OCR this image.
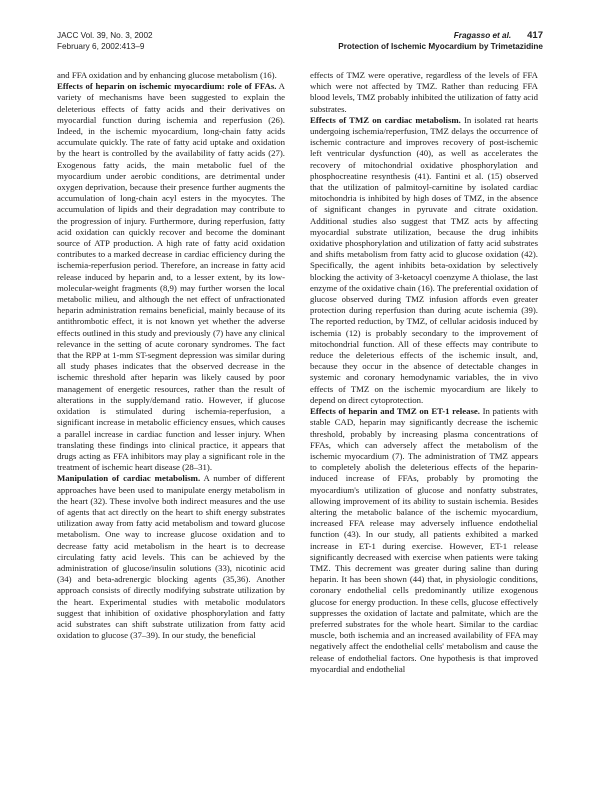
JACC Vol. 39, No. 3, 2002
February 6, 2002:413–9
Fragasso et al. 417
Protection of Ischemic Myocardium by Trimetazidine

and FFA oxidation and by enhancing glucose metabolism (16).

Effects of heparin on ischemic myocardium: role of FFAs. A variety of mechanisms have been suggested to explain the deleterious effects of fatty acids and their derivatives on myocardial function during ischemia and reperfusion (26). Indeed, in the ischemic myocardium, long-chain fatty acids accumulate quickly. The rate of fatty acid uptake and oxidation by the heart is controlled by the availability of fatty acids (27). Exogenous fatty acids, the main metabolic fuel of the myocardium under aerobic conditions, are detrimental under oxygen deprivation, because their presence further augments the accumulation of long-chain acyl esters in the myocytes. The accumulation of lipids and their degradation may contribute to the progression of injury. Furthermore, during reperfusion, fatty acid oxidation can quickly recover and become the dominant source of ATP production. A high rate of fatty acid oxidation contributes to a marked decrease in cardiac efficiency during the ischemia-reperfusion period. Therefore, an increase in fatty acid release induced by heparin and, to a lesser extent, by its low-molecular-weight fragments (8,9) may further worsen the local metabolic milieu, and although the net effect of unfractionated heparin administration remains beneficial, mainly because of its antithrombotic effect, it is not known yet whether the adverse effects outlined in this study and previously (7) have any clinical relevance in the setting of acute coronary syndromes. The fact that the RPP at 1-mm ST-segment depression was similar during all study phases indicates that the observed decrease in the ischemic threshold after heparin was likely caused by poor management of energetic resources, rather than the result of alterations in the supply/demand ratio. However, if glucose oxidation is stimulated during ischemia-reperfusion, a significant increase in metabolic efficiency ensues, which causes a parallel increase in cardiac function and lesser injury. When translating these findings into clinical practice, it appears that drugs acting as FFA inhibitors may play a significant role in the treatment of ischemic heart disease (28–31).

Manipulation of cardiac metabolism. A number of different approaches have been used to manipulate energy metabolism in the heart (32). These involve both indirect measures and the use of agents that act directly on the heart to shift energy substrates utilization away from fatty acid metabolism and toward glucose metabolism. One way to increase glucose oxidation and to decrease fatty acid metabolism in the heart is to decrease circulating fatty acid levels. This can be achieved by the administration of glucose/insulin solutions (33), nicotinic acid (34) and beta-adrenergic blocking agents (35,36). Another approach consists of directly modifying substrate utilization by the heart. Experimental studies with metabolic modulators suggest that inhibition of oxidative phosphorylation and fatty acid substrates can shift substrate utilization from fatty acid oxidation to glucose (37–39). In our study, the beneficial

effects of TMZ were operative, regardless of the levels of FFA which were not affected by TMZ. Rather than reducing FFA blood levels, TMZ probably inhibited the utilization of fatty acid substrates.

Effects of TMZ on cardiac metabolism. In isolated rat hearts undergoing ischemia/reperfusion, TMZ delays the occurrence of ischemic contracture and improves recovery of post-ischemic left ventricular dysfunction (40), as well as accelerates the recovery of mitochondrial oxidative phosphorylation and phosphocreatine resynthesis (41). Fantini et al. (15) observed that the utilization of palmitoyl-carnitine by isolated cardiac mitochondria is inhibited by high doses of TMZ, in the absence of significant changes in pyruvate and citrate oxidation. Additional studies also suggest that TMZ acts by affecting myocardial substrate utilization, because the drug inhibits oxidative phosphorylation and utilization of fatty acid substrates and shifts metabolism from fatty acid to glucose oxidation (42). Specifically, the agent inhibits beta-oxidation by selectively blocking the activity of 3-ketoacyl coenzyme A thiolase, the last enzyme of the oxidative chain (16). The preferential oxidation of glucose observed during TMZ infusion affords even greater protection during reperfusion than during acute ischemia (39). The reported reduction, by TMZ, of cellular acidosis induced by ischemia (12) is probably secondary to the improvement of mitochondrial function. All of these effects may contribute to reduce the deleterious effects of the ischemic insult, and, because they occur in the absence of detectable changes in systemic and coronary hemodynamic variables, the in vivo effects of TMZ on the ischemic myocardium are likely to depend on direct cytoprotection.

Effects of heparin and TMZ on ET-1 release. In patients with stable CAD, heparin may significantly decrease the ischemic threshold, probably by increasing plasma concentrations of FFAs, which can adversely affect the metabolism of the ischemic myocardium (7). The administration of TMZ appears to completely abolish the deleterious effects of the heparin-induced increase of FFAs, probably by promoting the myocardium's utilization of glucose and nonfatty substrates, allowing improvement of its ability to sustain ischemia. Besides altering the metabolic balance of the ischemic myocardium, increased FFA release may adversely influence endothelial function (43). In our study, all patients exhibited a marked increase in ET-1 during exercise. However, ET-1 release significantly decreased with exercise when patients were taking TMZ. This decrement was greater during saline than during heparin. It has been shown (44) that, in physiologic conditions, coronary endothelial cells predominantly utilize exogenous glucose for energy production. In these cells, glucose effectively suppresses the oxidation of lactate and palmitate, which are the preferred substrates for the whole heart. Similar to the cardiac muscle, both ischemia and an increased availability of FFA may negatively affect the endothelial cells' metabolism and cause the release of endothelial factors. One hypothesis is that improved myocardial and endothelial
